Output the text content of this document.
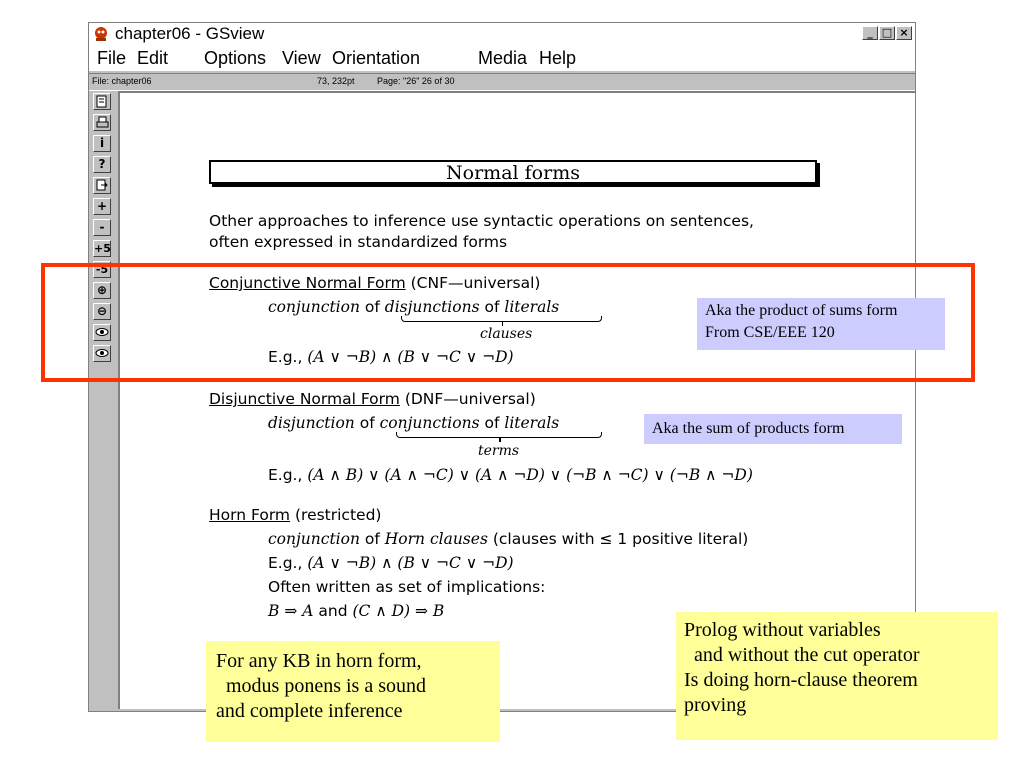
chapter06 - GSview	_ □ ×
File Edit Options View Orientation	Media Help
File: chapter06	73, 232pt Page: "26" 26 of 30
i
?
+
-
+5
-5
⊕
⊖
Normal forms
Other approaches to inference use syntactic operations on sentences,
often expressed in standardized forms
Conjunctive Normal Form (CNF—universal)
conjunction of disjunctions of literals
clauses
E.g., (A ∨ ¬B) ∧ (B ∨ ¬C ∨ ¬D)
Disjunctive Normal Form (DNF—universal)
disjunction of conjunctions of literals
terms
E.g., (A ∧ B) ∨ (A ∧ ¬C) ∨ (A ∧ ¬D) ∨ (¬B ∧ ¬C) ∨ (¬B ∧ ¬D)
Horn Form (restricted)
conjunction of Horn clauses (clauses with ≤ 1 positive literal)
E.g., (A ∨ ¬B) ∧ (B ∨ ¬C ∨ ¬D)
Often written as set of implications:
B ⇒ A and (C ∧ D) ⇒ B
Aka the product of sums form
From CSE/EEE 120
Aka the sum of products form
For any KB in horn form,
modus ponens is a sound
and complete inference
Prolog without variables
and without the cut operator
Is doing horn-clause theorem
proving
